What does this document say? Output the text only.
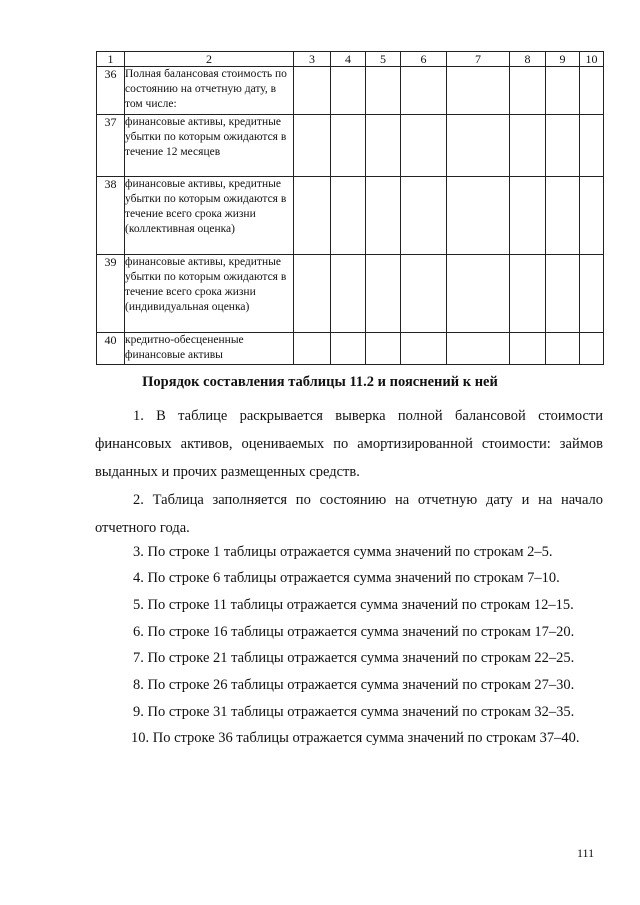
1	2	3	4	5	6	7	8	9	10
36	Полная балансовая стоимость по состоянию на отчетную дату, в том числе:								
37	финансовые активы, кредитные убытки по которым ожидаются в течение 12 месяцев								
38	финансовые активы, кредитные убытки по которым ожидаются в течение всего срока жизни (коллективная оценка)								
39	финансовые активы, кредитные убытки по которым ожидаются в течение всего срока жизни (индивидуальная оценка)								
40	кредитно-обесцененные финансовые активы								
Порядок составления таблицы 11.2 и пояснений к ней

1. В таблице раскрывается выверка полной балансовой стоимости финансовых активов, оцениваемых по амортизированной стоимости: займов выданных и прочих размещенных средств.

2. Таблица заполняется по состоянию на отчетную дату и на начало отчетного года.

3. По строке 1 таблицы отражается сумма значений по строкам 2–5.
4. По строке 6 таблицы отражается сумма значений по строкам 7–10.
5. По строке 11 таблицы отражается сумма значений по строкам 12–15.
6. По строке 16 таблицы отражается сумма значений по строкам 17–20.
7. По строке 21 таблицы отражается сумма значений по строкам 22–25.
8. По строке 26 таблицы отражается сумма значений по строкам 27–30.
9. По строке 31 таблицы отражается сумма значений по строкам 32–35.
10. По строке 36 таблицы отражается сумма значений по строкам 37–40.
111
